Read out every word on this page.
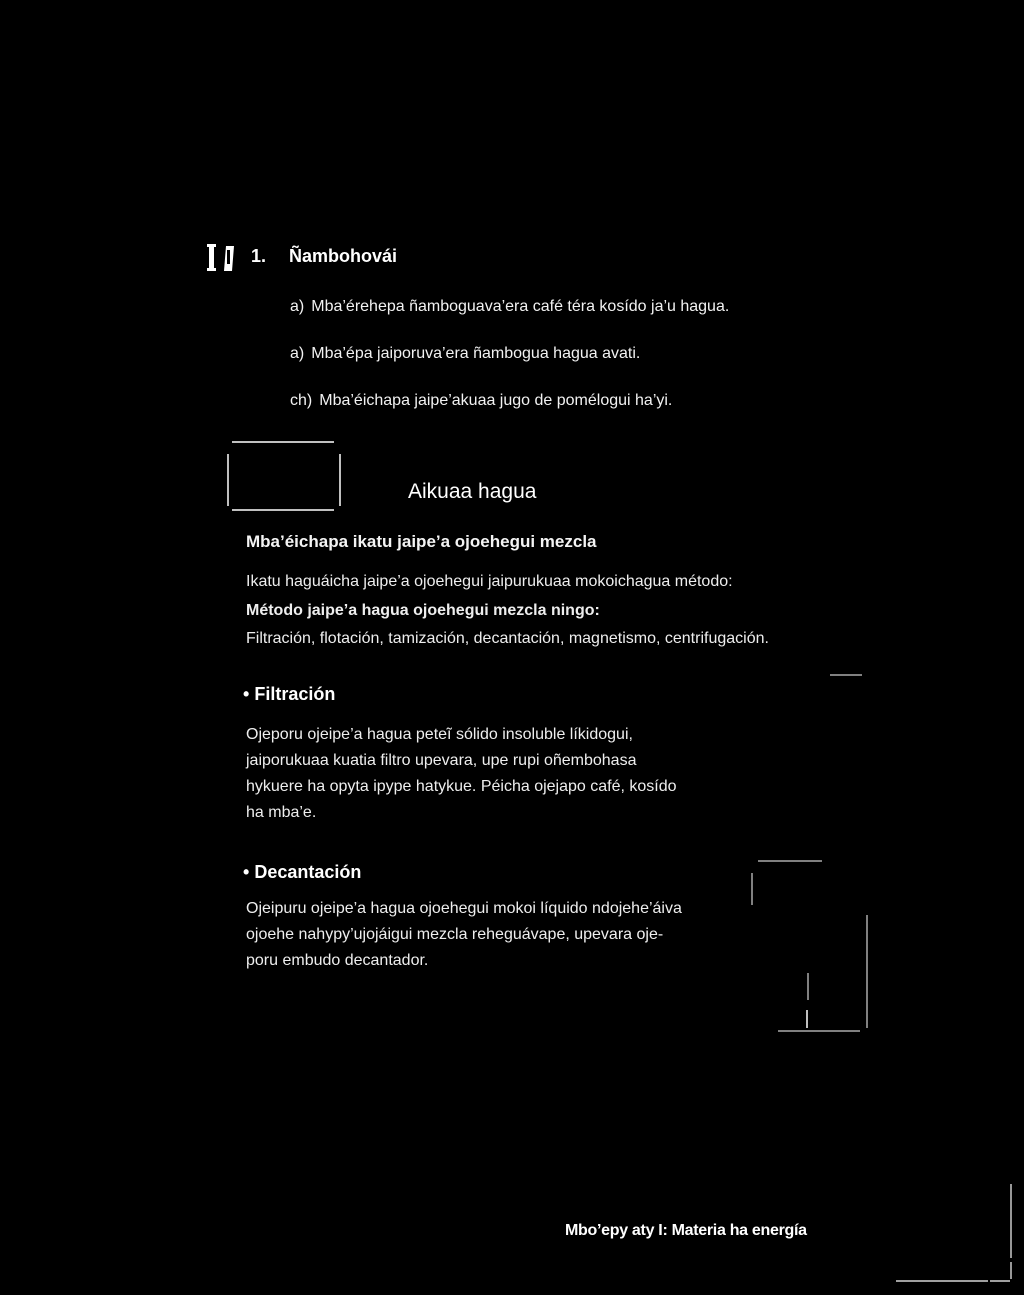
1. Ñambohovái
a) Mba’érehepa ñamboguava’era café téra kosído ja’u hagua.
a) Mba’épa jaiporuva’era ñambogua hagua avati.
ch) Mba’éichapa jaipe’akuaa jugo de pomélogui ha’yi.
Aikuaa hagua
Mba’éichapa ikatu jaipe’a ojoehegui mezcla
Ikatu haguáicha jaipe’a ojoehegui jaipurukuaa mokoichagua método:
Método jaipe’a hagua ojoehegui mezcla ningo:
Filtración, flotación, tamización, decantación, magnetismo, centrifugación.
• Filtración
Ojeporu ojeipe’a hagua peteĩ sólido insoluble líkidogui,
jaiporukuaa kuatia filtro upevara, upe rupi oñembohasa
hykuere ha opyta ipype hatykue. Péicha ojejapo café, kosído
ha mba’e.
• Decantación
Ojeipuru ojeipe’a hagua ojoehegui mokoi líquido ndojehe’áiva
ojoehe nahypy’ujojáigui mezcla reheguávape, upevara oje-
poru embudo decantador.
Mbo’epy aty I: Materia ha energía
